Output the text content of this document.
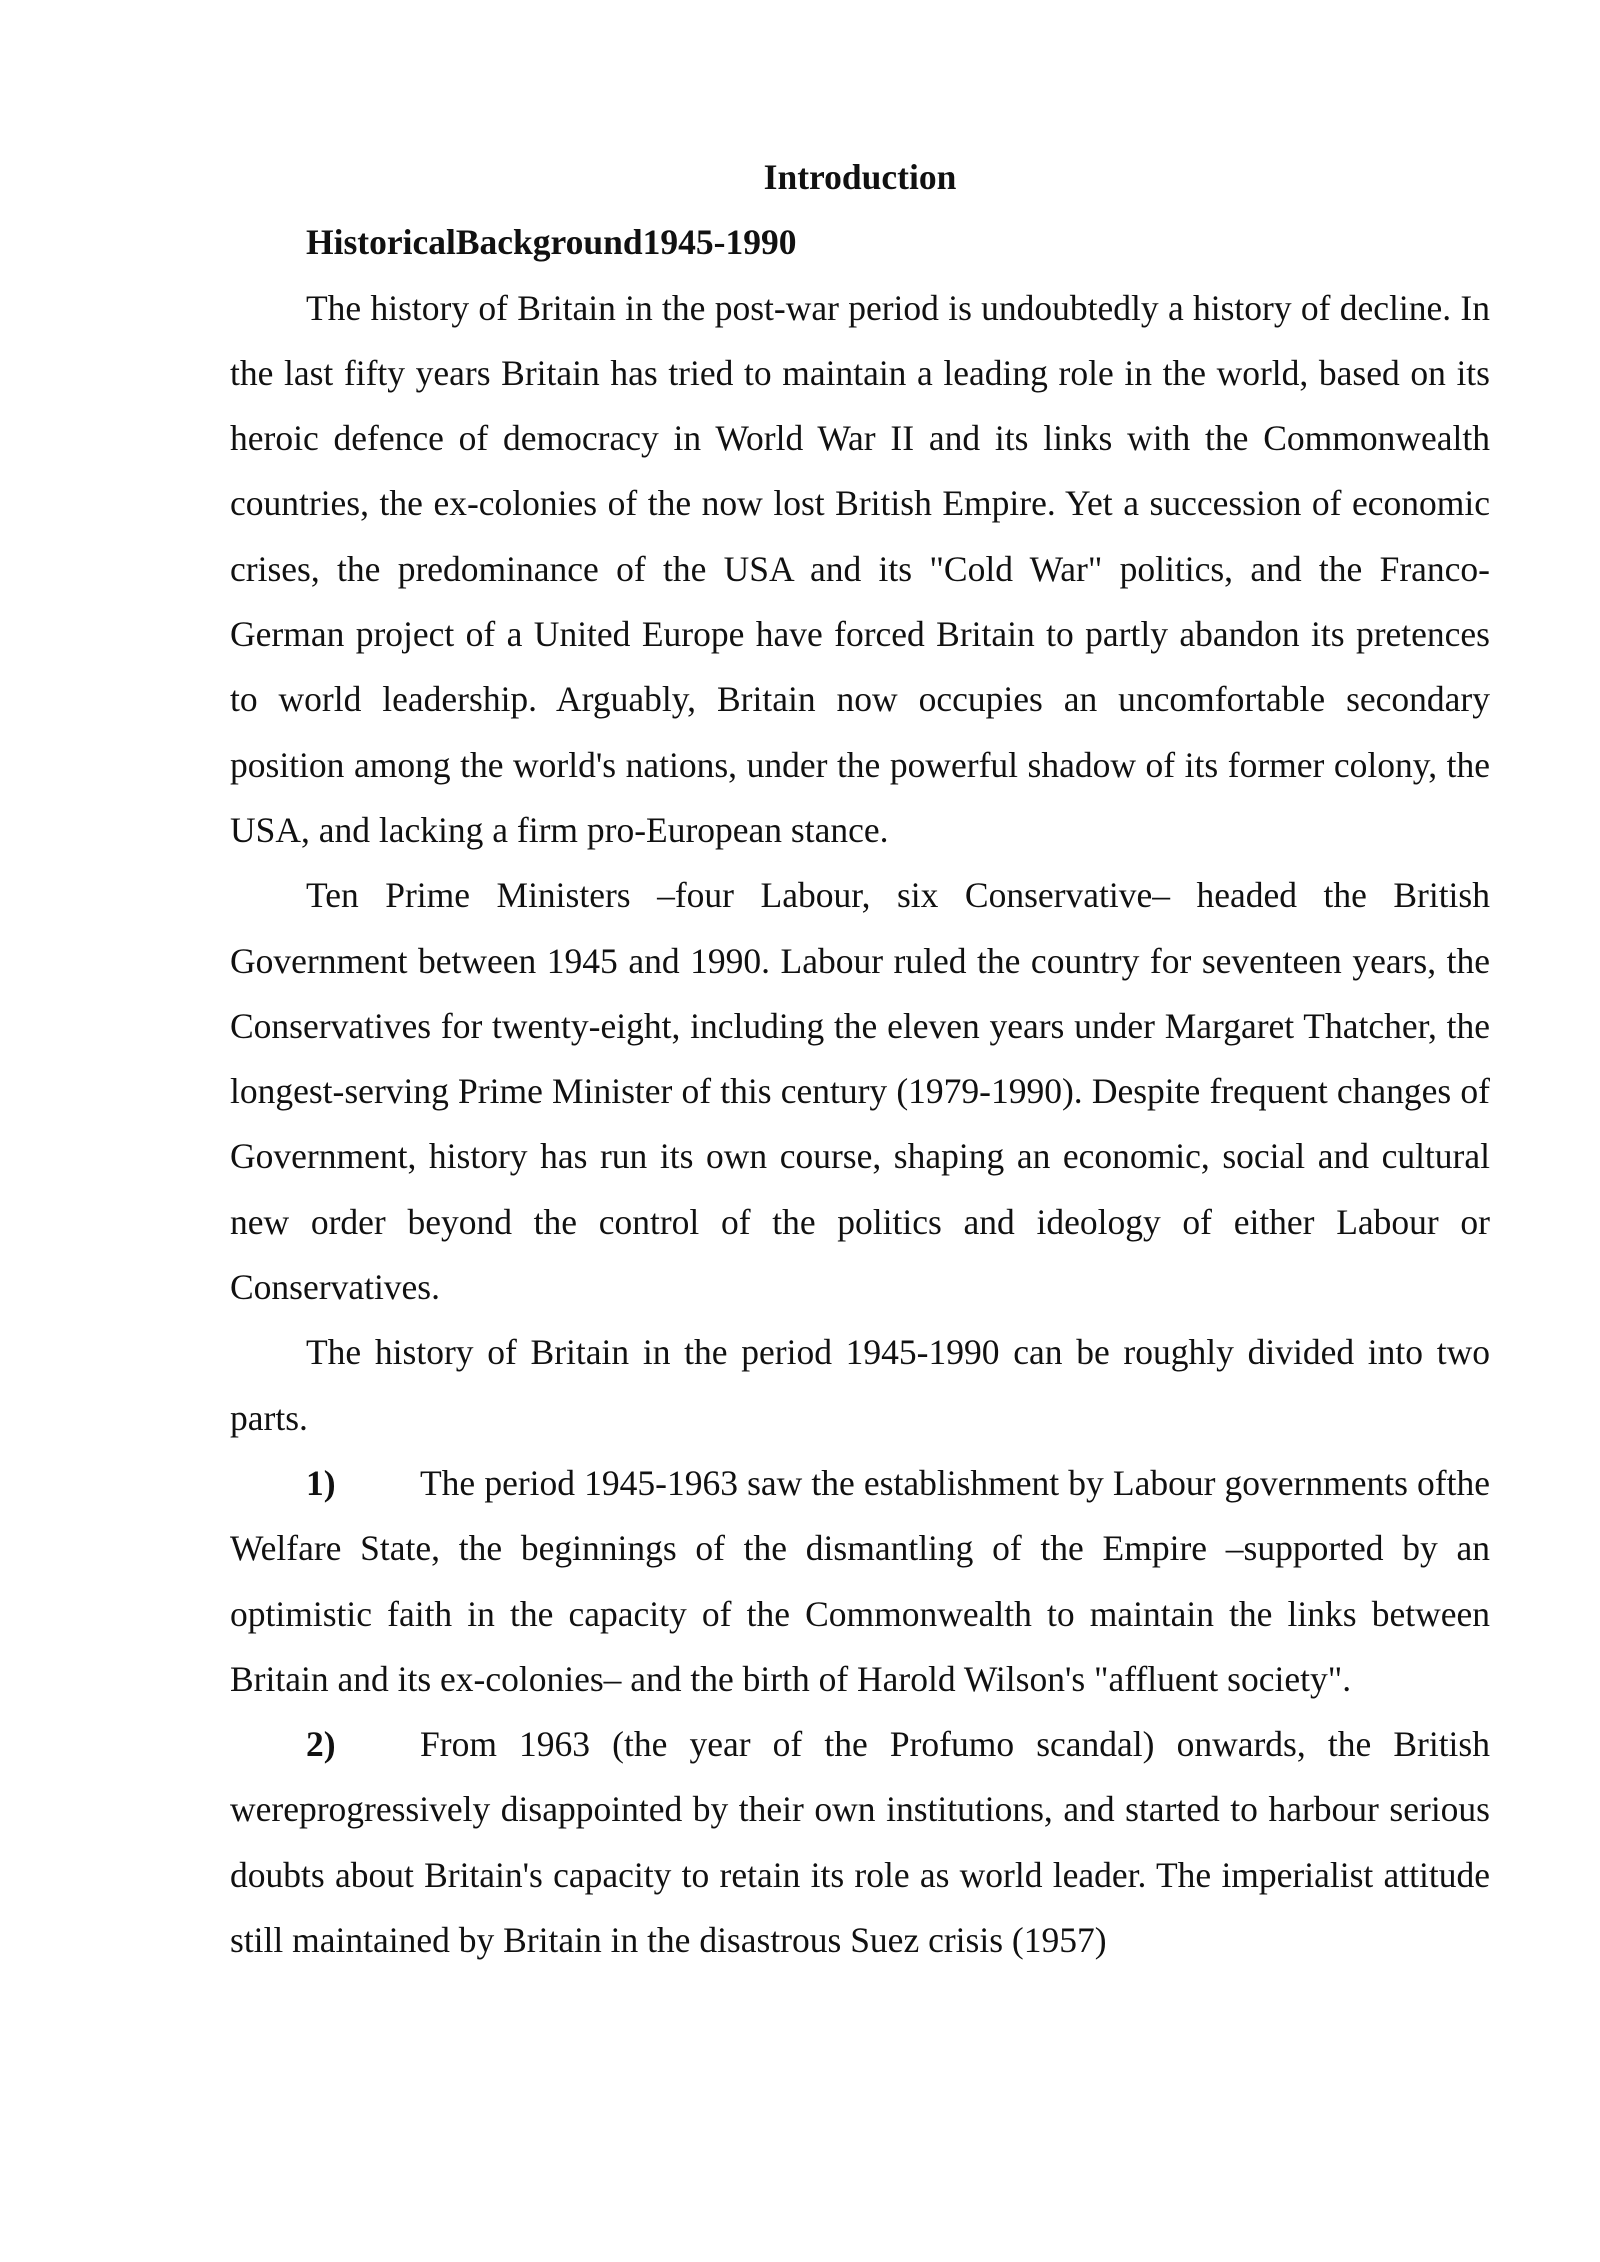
Introduction

HistoricalBackground1945-1990

The history of Britain in the post-war period is undoubtedly a history of decline. In the last fifty years Britain has tried to maintain a leading role in the world, based on its heroic defence of democracy in World War II and its links with the Commonwealth countries, the ex-colonies of the now lost British Empire. Yet a succession of economic crises, the predominance of the USA and its "Cold War" politics, and the Franco-German project of a United Europe have forced Britain to partly abandon its pretences to world leadership. Arguably, Britain now occupies an uncomfortable secondary position among the world's nations, under the powerful shadow of its former colony, the USA, and lacking a firm pro-European stance.

Ten Prime Ministers –four Labour, six Conservative– headed the British Government between 1945 and 1990. Labour ruled the country for seventeen years, the Conservatives for twenty-eight, including the eleven years under Margaret Thatcher, the longest-serving Prime Minister of this century (1979-1990). Despite frequent changes of Government, history has run its own course, shaping an economic, social and cultural new order beyond the control of the politics and ideology of either Labour or Conservatives.

The history of Britain in the period 1945-1990 can be roughly divided into two parts.

1) The period 1945-1963 saw the establishment by Labour governments ofthe Welfare State, the beginnings of the dismantling of the Empire –supported by an optimistic faith in the capacity of the Commonwealth to maintain the links between Britain and its ex-colonies– and the birth of Harold Wilson's "affluent society".

2) From 1963 (the year of the Profumo scandal) onwards, the British wereprogressively disappointed by their own institutions, and started to harbour serious doubts about Britain's capacity to retain its role as world leader. The imperialist attitude still maintained by Britain in the disastrous Suez crisis (1957)
